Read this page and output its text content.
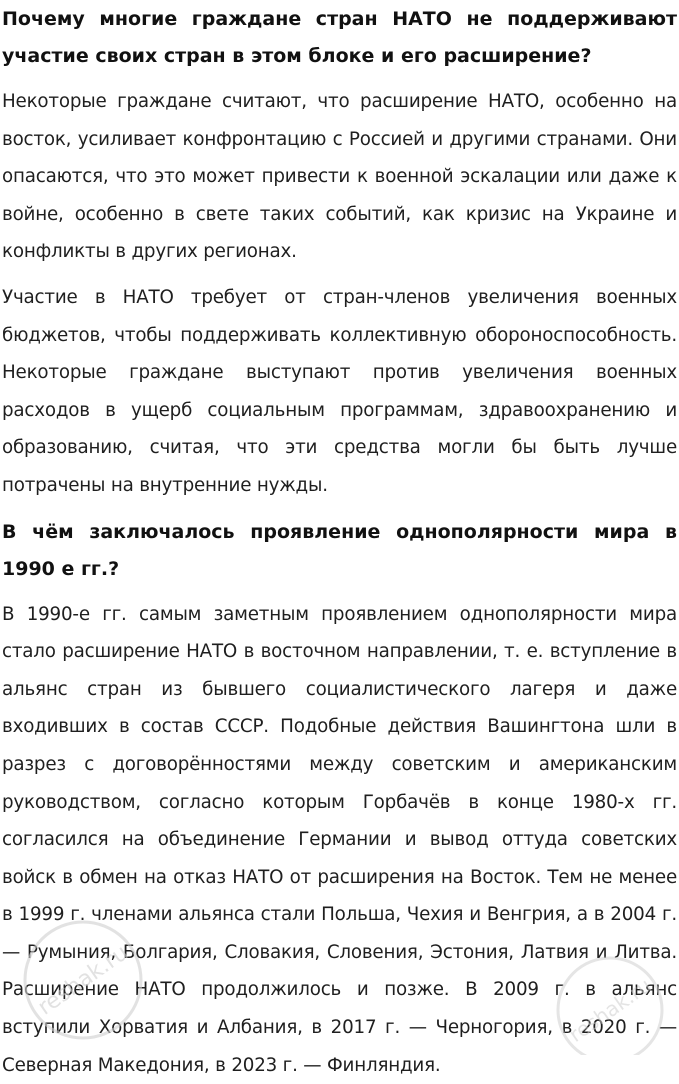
Почему многие граждане стран НАТО не поддерживают участие своих стран в этом блоке и его расширение?

Некоторые граждане считают, что расширение НАТО, особенно на восток, усиливает конфронтацию с Россией и другими странами. Они опасаются, что это может привести к военной эскалации или даже к войне, особенно в свете таких событий, как кризис на Украине и конфликты в других регионах.

Участие в НАТО требует от стран-членов увеличения военных бюджетов, чтобы поддерживать коллективную обороноспособность. Некоторые граждане выступают против увеличения военных расходов в ущерб социальным программам, здравоохранению и образованию, считая, что эти средства могли бы быть лучше потрачены на внутренние нужды.

В чём заключалось проявление однополярности мира в 1990 е гг.?

В 1990-е гг. самым заметным проявлением однополярности мира стало расширение НАТО в восточном направлении, т. е. вступление в альянс стран из бывшего социалистического лагеря и даже входивших в состав СССР. Подобные действия Вашингтона шли в разрез с договорённостями между советским и американским руководством, согласно которым Горбачёв в конце 1980-х гг. согласился на объединение Германии и вывод оттуда советских войск в обмен на отказ НАТО от расширения на Восток. Тем не менее в 1999 г. членами альянса стали Польша, Чехия и Венгрия, а в 2004 г. — Румыния, Болгария, Словакия, Словения, Эстония, Латвия и Литва. Расширение НАТО продолжилось и позже. В 2009 г. в альянс вступили Хорватия и Албания, в 2017 г. — Черногория, в 2020 г. — Северная Македония, в 2023 г. — Финляндия.

reshak.ru	reshak.ru
